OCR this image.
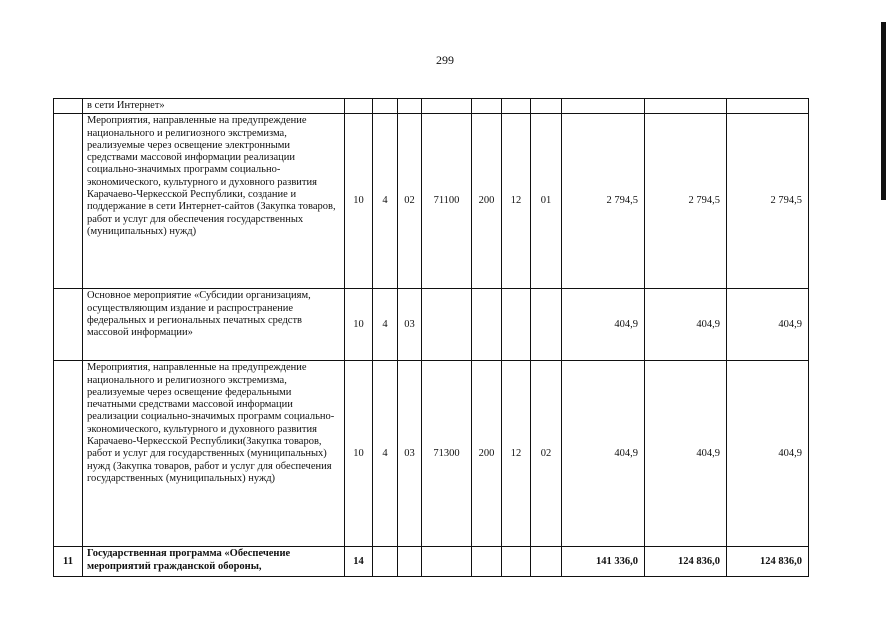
299
	в сети Интернет»										
	Мероприятия, направленные на предупреждение национального и религиозного экстремизма, реализуемые через освещение электронными средствами массовой информации реализации социально-значимых программ социально-экономического, культурного и духовного развития Карачаево-Черкесской Республики, создание и поддержание в сети Интернет-сайтов (Закупка товаров, работ и услуг для обеспечения государственных (муниципальных) нужд)	10	4	02	71100	200	12	01	2 794,5	2 794,5	2 794,5
	Основное мероприятие «Субсидии организациям, осуществляющим издание и распространение федеральных и региональных печатных средств массовой информации»	10	4	03					404,9	404,9	404,9
	Мероприятия, направленные на предупреждение национального и религиозного экстремизма, реализуемые через освещение федеральными печатными средствами массовой информации реализации социально-значимых программ социально-экономического, культурного и духовного развития Карачаево-Черкесской Республики(Закупка товаров, работ и услуг для государственных (муниципальных) нужд (Закупка товаров, работ и услуг для обеспечения государственных (муниципальных) нужд)	10	4	03	71300	200	12	02	404,9	404,9	404,9
11	Государственная программа «Обеспечение мероприятий гражданской обороны,	14							141 336,0	124 836,0	124 836,0
